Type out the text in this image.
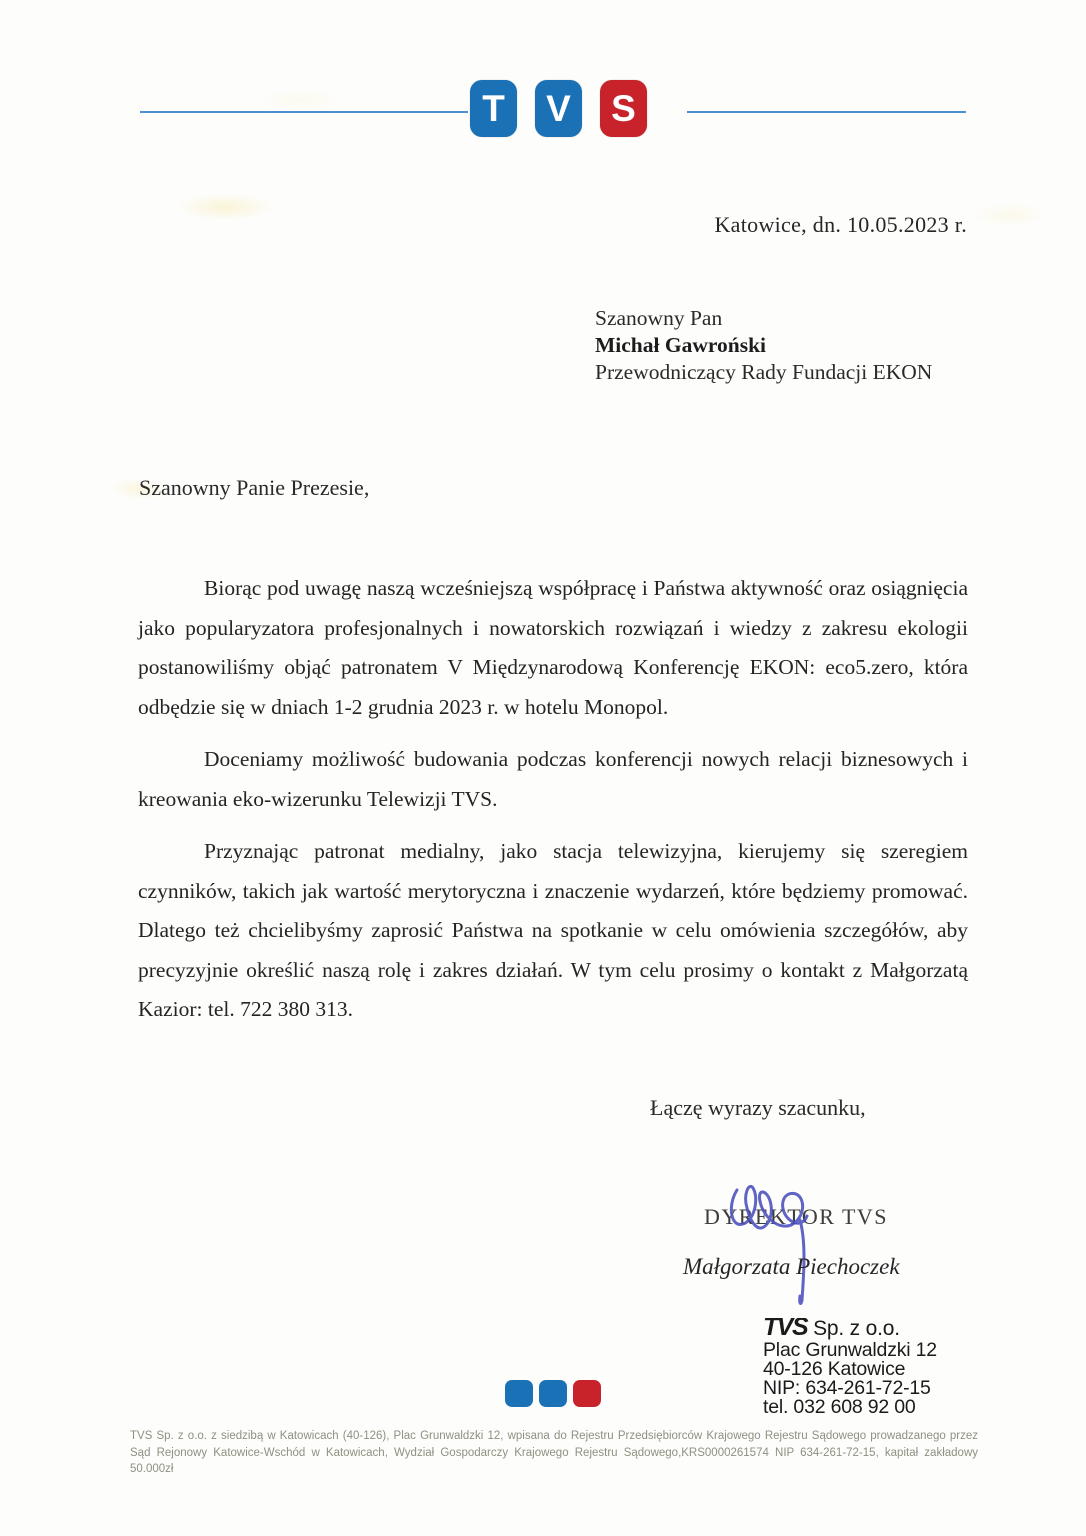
T	V	S
Katowice, dn. 10.05.2023 r.
Szanowny Pan
Michał Gawroński
Przewodniczący Rady Fundacji EKON
Szanowny Panie Prezesie,

Biorąc pod uwagę naszą wcześniejszą współpracę i Państwa aktywność oraz osiągnięcia jako popularyzatora profesjonalnych i nowatorskich rozwiązań i wiedzy z zakresu ekologii postanowiliśmy objąć patronatem V Międzynarodową Konferencję EKON: eco5.zero, która odbędzie się w dniach 1-2 grudnia 2023 r. w hotelu Monopol.

Doceniamy możliwość budowania podczas konferencji nowych relacji biznesowych i kreowania eko-wizerunku Telewizji TVS.

Przyznając patronat medialny, jako stacja telewizyjna, kierujemy się szeregiem czynników, takich jak wartość merytoryczna i znaczenie wydarzeń, które będziemy promować. Dlatego też chcielibyśmy zaprosić Państwa na spotkanie w celu omówienia szczegółów, aby precyzyjnie określić naszą rolę i zakres działań. W tym celu prosimy o kontakt z Małgorzatą Kazior: tel. 722 380 313.

Łączę wyrazy szacunku,
DYREKTOR TVS
Małgorzata Piechoczek
TVS Sp. z o.o.
Plac Grunwaldzki 12
40-126 Katowice
NIP: 634-261-72-15
tel. 032 608 92 00
TVS Sp. z o.o. z siedzibą w Katowicach (40-126), Plac Grunwaldzki 12, wpisana do Rejestru Przedsiębiorców Krajowego Rejestru Sądowego prowadzanego przez Sąd Rejonowy Katowice-Wschód w Katowicach, Wydział Gospodarczy Krajowego Rejestru Sądowego,KRS0000261574 NIP 634-261-72-15, kapitał zakładowy 50.000zł
